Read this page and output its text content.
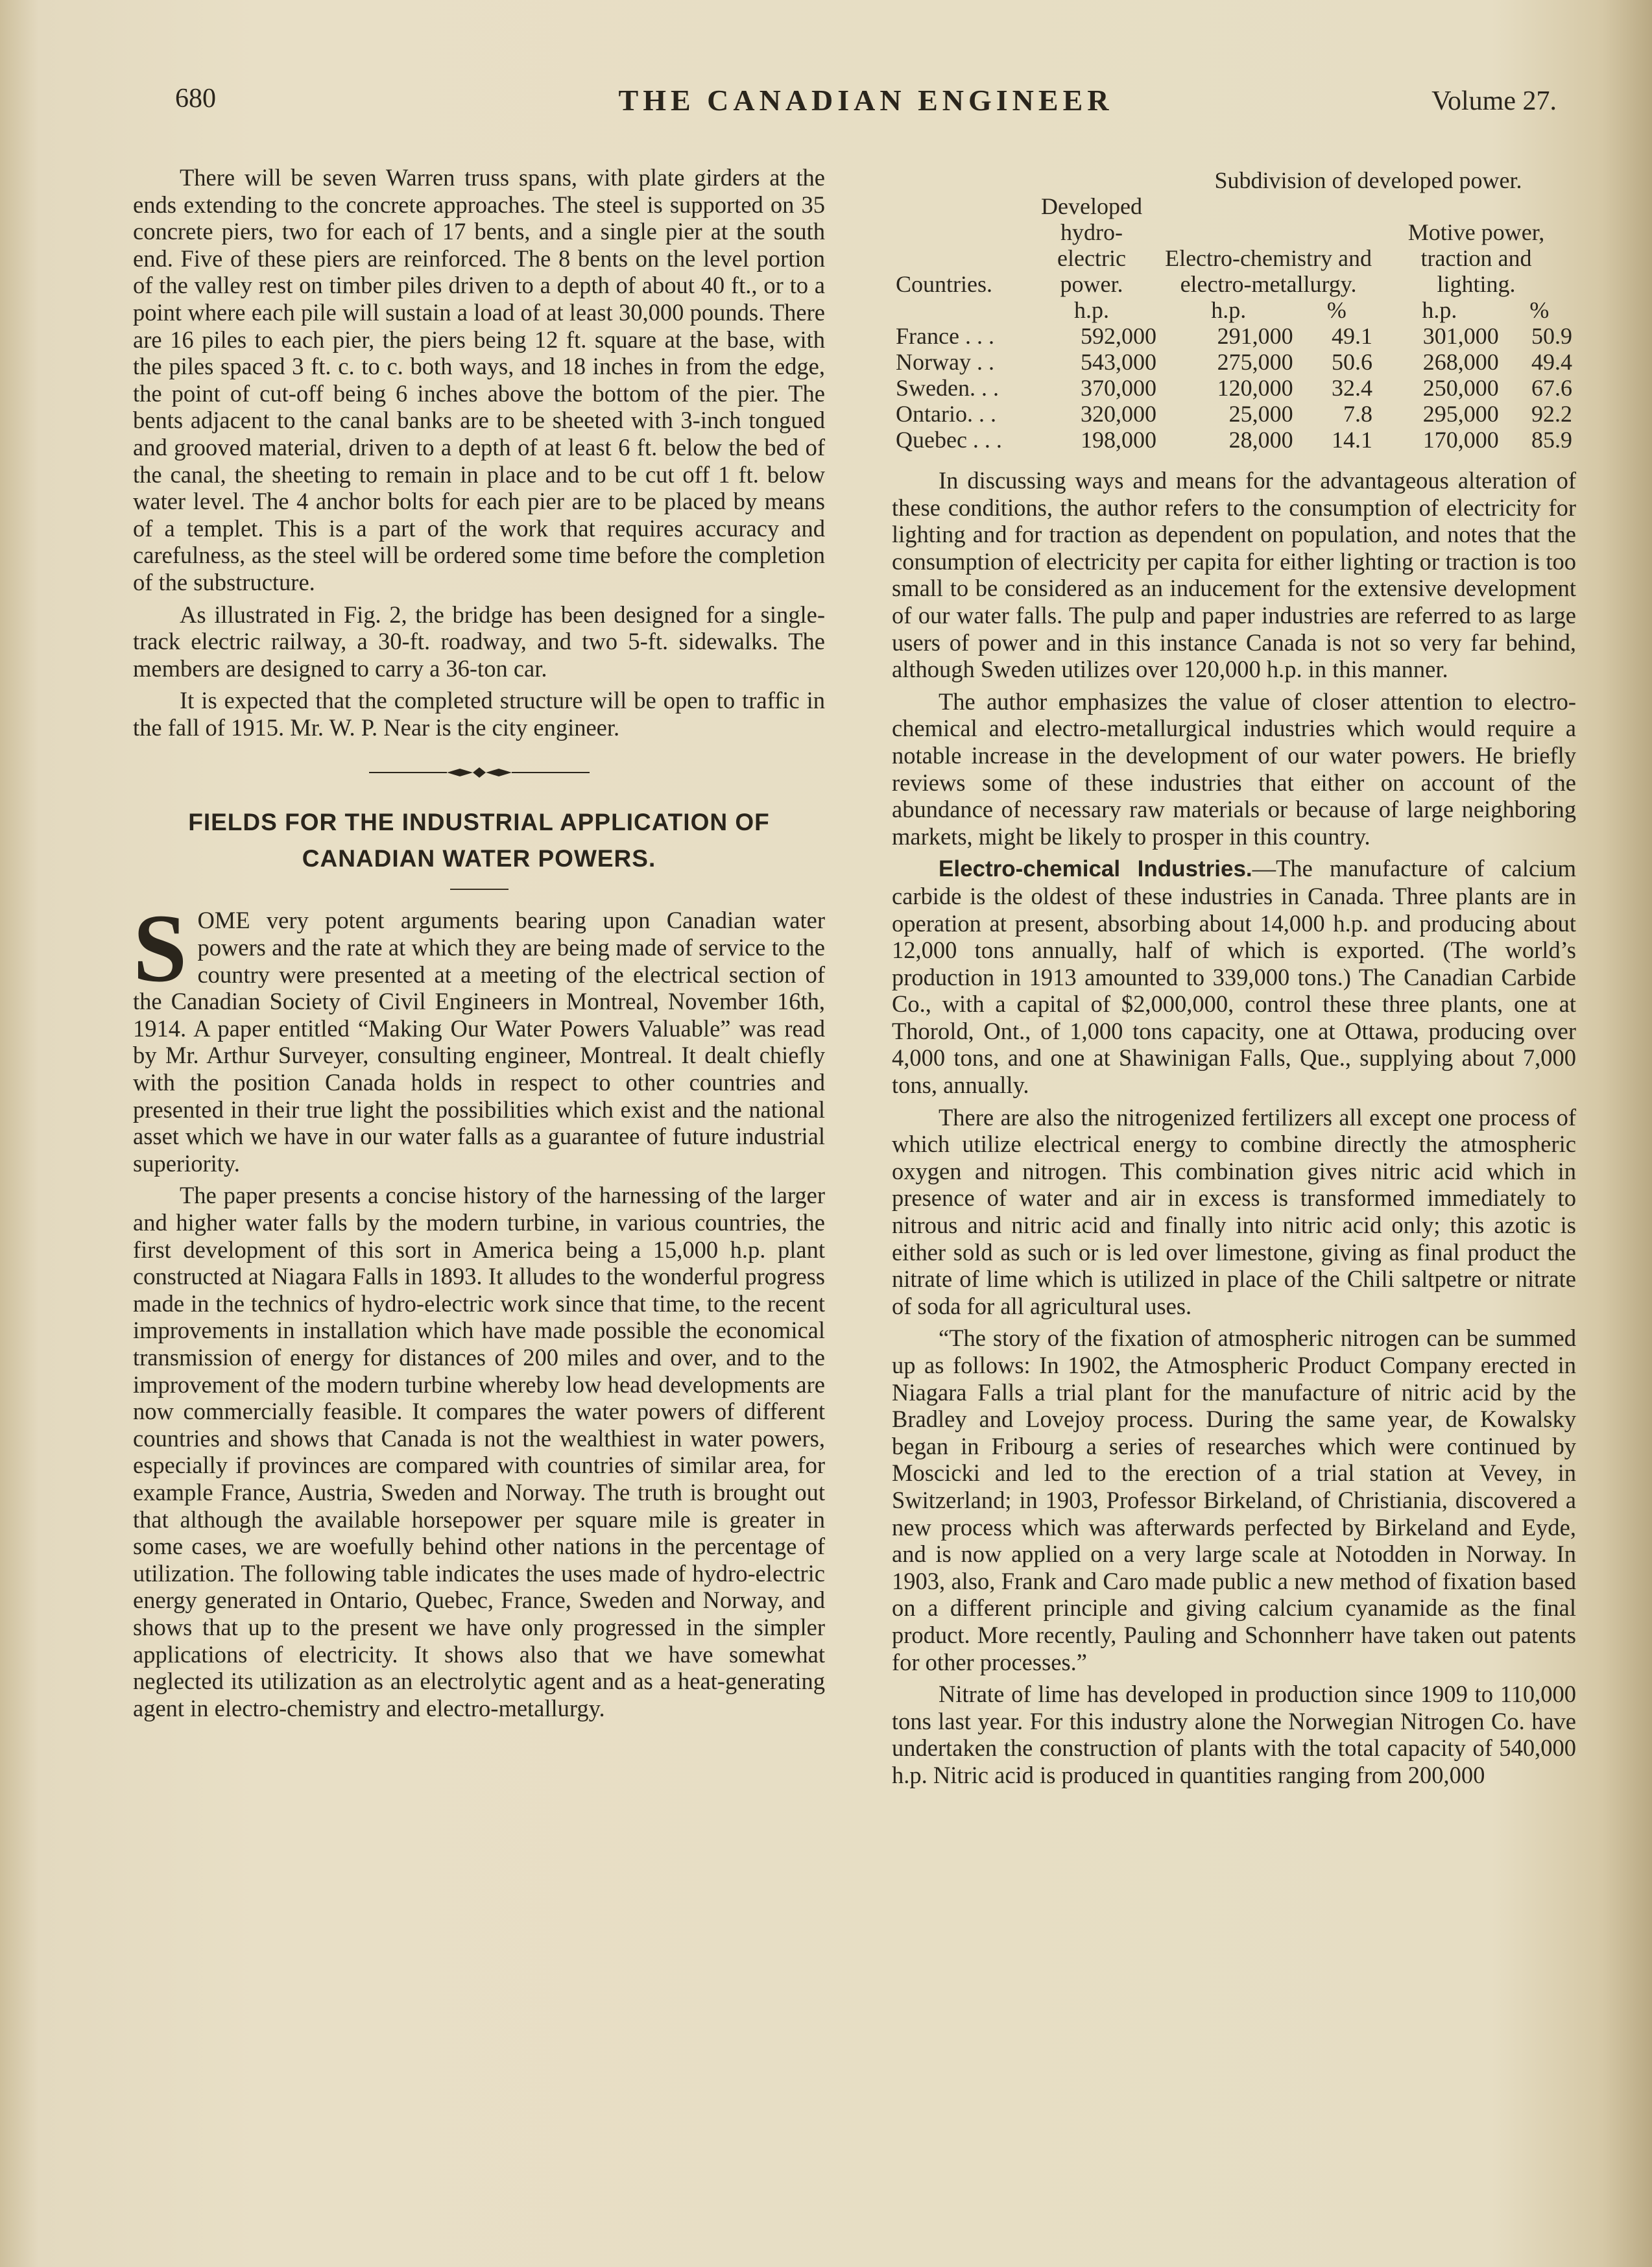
680	THE CANADIAN ENGINEER	Volume 27.

There will be seven Warren truss spans, with plate girders at the ends extending to the concrete approaches. The steel is supported on 35 concrete piers, two for each of 17 bents, and a single pier at the south end. Five of these piers are reinforced. The 8 bents on the level portion of the valley rest on timber piles driven to a depth of about 40 ft., or to a point where each pile will sustain a load of at least 30,000 pounds. There are 16 piles to each pier, the piers being 12 ft. square at the base, with the piles spaced 3 ft. c. to c. both ways, and 18 inches in from the edge, the point of cut-off being 6 inches above the bottom of the pier. The bents adjacent to the canal banks are to be sheeted with 3-inch tongued and grooved material, driven to a depth of at least 6 ft. below the bed of the canal, the sheeting to remain in place and to be cut off 1 ft. below water level. The 4 anchor bolts for each pier are to be placed by means of a templet. This is a part of the work that requires accuracy and carefulness, as the steel will be ordered some time before the completion of the substructure.

As illustrated in Fig. 2, the bridge has been designed for a single-track electric railway, a 30-ft. roadway, and two 5-ft. sidewalks. The members are designed to carry a 36-ton car.

It is expected that the completed structure will be open to traffic in the fall of 1915. Mr. W. P. Near is the city engineer.

FIELDS FOR THE INDUSTRIAL APPLICATION OF

CANADIAN WATER POWERS.

SOME very potent arguments bearing upon Canadian water powers and the rate at which they are being made of service to the country were presented at a meeting of the electrical section of the Canadian Society of Civil Engineers in Montreal, November 16th, 1914. A paper entitled “Making Our Water Powers Valuable” was read by Mr. Arthur Surveyer, consulting engineer, Montreal. It dealt chiefly with the position Canada holds in respect to other countries and presented in their true light the possibilities which exist and the national asset which we have in our water falls as a guarantee of future industrial superiority.

The paper presents a concise history of the harnessing of the larger and higher water falls by the modern turbine, in various countries, the first development of this sort in America being a 15,000 h.p. plant constructed at Niagara Falls in 1893. It alludes to the wonderful progress made in the technics of hydro-electric work since that time, to the recent improvements in installation which have made possible the economical transmission of energy for distances of 200 miles and over, and to the improvement of the modern turbine whereby low head developments are now commercially feasible. It compares the water powers of different countries and shows that Canada is not the wealthiest in water powers, especially if provinces are compared with countries of similar area, for example France, Austria, Sweden and Norway. The truth is brought out that although the available horsepower per square mile is greater in some cases, we are woefully behind other nations in the percentage of utilization. The following table indicates the uses made of hydro-electric energy generated in Ontario, Quebec, France, Sweden and Norway, and shows that up to the present we have only progressed in the simpler applications of electricity. It shows also that we have somewhat neglected its utilization as an electrolytic agent and as a heat-generating agent in electro-chemistry and electro-metallurgy.

		Subdivision of developed power.			
Countries.	Developed hydro-electric power.	Electro-chemistry and electro-metallurgy.		Motive power, traction and lighting.	
	h.p.	h.p.	%	h.p.	%
France . . .	592,000	291,000	49.1	301,000	50.9
Norway . .	543,000	275,000	50.6	268,000	49.4
Sweden. . .	370,000	120,000	32.4	250,000	67.6
Ontario. . .	320,000	25,000	7.8	295,000	92.2
Quebec . . .	198,000	28,000	14.1	170,000	85.9

In discussing ways and means for the advantageous alteration of these conditions, the author refers to the consumption of electricity for lighting and for traction as dependent on population, and notes that the consumption of electricity per capita for either lighting or traction is too small to be considered as an inducement for the extensive development of our water falls. The pulp and paper industries are referred to as large users of power and in this instance Canada is not so very far behind, although Sweden utilizes over 120,000 h.p. in this manner.

The author emphasizes the value of closer attention to electro-chemical and electro-metallurgical industries which would require a notable increase in the development of our water powers. He briefly reviews some of these industries that either on account of the abundance of necessary raw materials or because of large neighboring markets, might be likely to prosper in this country.

Electro-chemical Industries.—The manufacture of calcium carbide is the oldest of these industries in Canada. Three plants are in operation at present, absorbing about 14,000 h.p. and producing about 12,000 tons annually, half of which is exported. (The world’s production in 1913 amounted to 339,000 tons.) The Canadian Carbide Co., with a capital of $2,000,000, control these three plants, one at Thorold, Ont., of 1,000 tons capacity, one at Ottawa, producing over 4,000 tons, and one at Shawinigan Falls, Que., supplying about 7,000 tons, annually.

There are also the nitrogenized fertilizers all except one process of which utilize electrical energy to combine directly the atmospheric oxygen and nitrogen. This combination gives nitric acid which in presence of water and air in excess is transformed immediately to nitrous and nitric acid and finally into nitric acid only; this azotic is either sold as such or is led over limestone, giving as final product the nitrate of lime which is utilized in place of the Chili saltpetre or nitrate of soda for all agricultural uses.

“The story of the fixation of atmospheric nitrogen can be summed up as follows: In 1902, the Atmospheric Product Company erected in Niagara Falls a trial plant for the manufacture of nitric acid by the Bradley and Lovejoy process. During the same year, de Kowalsky began in Fribourg a series of researches which were continued by Moscicki and led to the erection of a trial station at Vevey, in Switzerland; in 1903, Professor Birkeland, of Christiania, discovered a new process which was afterwards perfected by Birkeland and Eyde, and is now applied on a very large scale at Notodden in Norway. In 1903, also, Frank and Caro made public a new method of fixation based on a different principle and giving calcium cyanamide as the final product. More recently, Pauling and Schonnherr have taken out patents for other processes.”

Nitrate of lime has developed in production since 1909 to 110,000 tons last year. For this industry alone the Norwegian Nitrogen Co. have undertaken the construction of plants with the total capacity of 540,000 h.p. Nitric acid is produced in quantities ranging from 200,000
